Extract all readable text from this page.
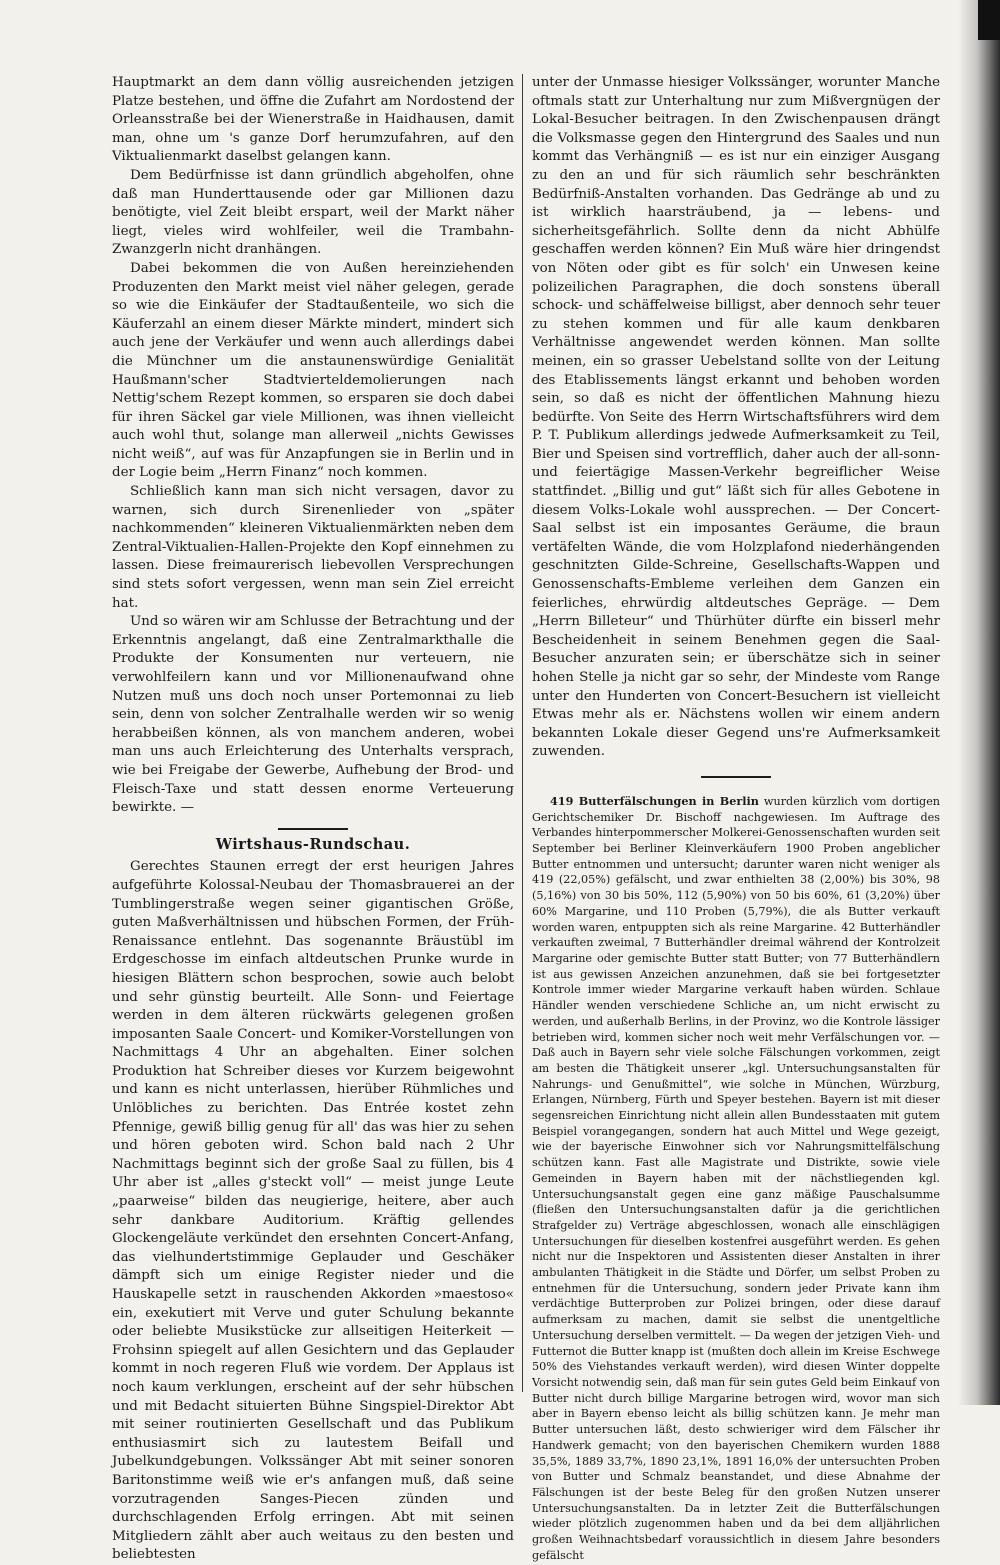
Hauptmarkt an dem dann völlig ausreichenden jetzigen Platze bestehen, und öffne die Zufahrt am Nordostend der Orleansstraße bei der Wienerstraße in Haidhausen, damit man, ohne um 's ganze Dorf herumzufahren, auf den Viktualienmarkt daselbst gelangen kann.

Dem Bedürfnisse ist dann gründlich abgeholfen, ohne daß man Hunderttausende oder gar Millionen dazu benötigte, viel Zeit bleibt erspart, weil der Markt näher liegt, vieles wird wohlfeiler, weil die Trambahn-Zwanzgerln nicht dranhängen.

Dabei bekommen die von Außen hereinziehenden Produzenten den Markt meist viel näher gelegen, gerade so wie die Einkäufer der Stadtaußenteile, wo sich die Käuferzahl an einem dieser Märkte mindert, mindert sich auch jene der Verkäufer und wenn auch allerdings dabei die Münchner um die anstaunenswürdige Genialität Haußmann'scher Stadtvierteldemolierungen nach Nettig'schem Rezept kommen, so ersparen sie doch dabei für ihren Säckel gar viele Millionen, was ihnen vielleicht auch wohl thut, solange man allerweil „nichts Gewisses nicht weiß“, auf was für Anzapfungen sie in Berlin und in der Logie beim „Herrn Finanz“ noch kommen.

Schließlich kann man sich nicht versagen, davor zu warnen, sich durch Sirenenlieder von „später nachkommenden“ kleineren Viktualienmärkten neben dem Zentral-Viktualien-Hallen-Projekte den Kopf einnehmen zu lassen. Diese freimaurerisch liebevollen Versprechungen sind stets sofort vergessen, wenn man sein Ziel erreicht hat.

Und so wären wir am Schlusse der Betrachtung und der Erkenntnis angelangt, daß eine Zentralmarkthalle die Produkte der Konsumenten nur verteuern, nie verwohlfeilern kann und vor Millionenaufwand ohne Nutzen muß uns doch noch unser Portemonnai zu lieb sein, denn von solcher Zentralhalle werden wir so wenig herabbeißen können, als von manchem anderen, wobei man uns auch Erleichterung des Unterhalts versprach, wie bei Freigabe der Gewerbe, Aufhebung der Brod- und Fleisch-Taxe und statt dessen enorme Verteuerung bewirkte. —

Wirtshaus-Rundschau.

Gerechtes Staunen erregt der erst heurigen Jahres aufgeführte Kolossal-Neubau der Thomasbrauerei an der Tumblingerstraße wegen seiner gigantischen Größe, guten Maßverhältnissen und hübschen Formen, der Früh-Renaissance entlehnt. Das sogenannte Bräustübl im Erdgeschosse im einfach altdeutschen Prunke wurde in hiesigen Blättern schon besprochen, sowie auch belobt und sehr günstig beurteilt. Alle Sonn- und Feiertage werden in dem älteren rückwärts gelegenen großen imposanten Saale Concert- und Komiker-Vorstellungen von Nachmittags 4 Uhr an abgehalten. Einer solchen Produktion hat Schreiber dieses vor Kurzem beigewohnt und kann es nicht unterlassen, hierüber Rühmliches und Unlöbliches zu berichten. Das Entrée kostet zehn Pfennige, gewiß billig genug für all' das was hier zu sehen und hören geboten wird. Schon bald nach 2 Uhr Nachmittags beginnt sich der große Saal zu füllen, bis 4 Uhr aber ist „alles g'steckt voll“ — meist junge Leute „paarweise“ bilden das neugierige, heitere, aber auch sehr dankbare Auditorium. Kräftig gellendes Glockengeläute verkündet den ersehnten Concert-Anfang, das vielhundertstimmige Geplauder und Geschäker dämpft sich um einige Register nieder und die Hauskapelle setzt in rauschenden Akkorden »maestoso« ein, exekutiert mit Verve und guter Schulung bekannte oder beliebte Musikstücke zur allseitigen Heiterkeit — Frohsinn spiegelt auf allen Gesichtern und das Geplauder kommt in noch regeren Fluß wie vordem. Der Applaus ist noch kaum verklungen, erscheint auf der sehr hübschen und mit Bedacht situierten Bühne Singspiel-Direktor Abt mit seiner routinierten Gesellschaft und das Publikum enthusiasmirt sich zu lautestem Beifall und Jubelkundgebungen. Volkssänger Abt mit seiner sonoren Baritonstimme weiß wie er's anfangen muß, daß seine vorzutragenden Sanges-Piecen zünden und durchschlagenden Erfolg erringen. Abt mit seinen Mitgliedern zählt aber auch weitaus zu den besten und beliebtesten

unter der Unmasse hiesiger Volkssänger, worunter Manche oftmals statt zur Unterhaltung nur zum Mißvergnügen der Lokal-Besucher beitragen. In den Zwischenpausen drängt die Volksmasse gegen den Hintergrund des Saales und nun kommt das Verhängniß — es ist nur ein einziger Ausgang zu den an und für sich räumlich sehr beschränkten Bedürfniß-Anstalten vorhanden. Das Gedränge ab und zu ist wirklich haarsträubend, ja — lebens- und sicherheitsgefährlich. Sollte denn da nicht Abhülfe geschaffen werden können? Ein Muß wäre hier dringendst von Nöten oder gibt es für solch' ein Unwesen keine polizeilichen Paragraphen, die doch sonstens überall schock- und schäffelweise billigst, aber dennoch sehr teuer zu stehen kommen und für alle kaum denkbaren Verhältnisse angewendet werden können. Man sollte meinen, ein so grasser Uebelstand sollte von der Leitung des Etablissements längst erkannt und behoben worden sein, so daß es nicht der öffentlichen Mahnung hiezu bedürfte. Von Seite des Herrn Wirtschaftsführers wird dem P. T. Publikum allerdings jedwede Aufmerksamkeit zu Teil, Bier und Speisen sind vortrefflich, daher auch der all-sonn- und feiertägige Massen-Verkehr begreiflicher Weise stattfindet. „Billig und gut“ läßt sich für alles Gebotene in diesem Volks-Lokale wohl aussprechen. — Der Concert-Saal selbst ist ein imposantes Geräume, die braun vertäfelten Wände, die vom Holzplafond niederhängenden geschnitzten Gilde-Schreine, Gesellschafts-Wappen und Genossenschafts-Embleme verleihen dem Ganzen ein feierliches, ehrwürdig altdeutsches Gepräge. — Dem „Herrn Billeteur“ und Thürhüter dürfte ein bisserl mehr Bescheidenheit in seinem Benehmen gegen die Saal-Besucher anzuraten sein; er überschätze sich in seiner hohen Stelle ja nicht gar so sehr, der Mindeste vom Range unter den Hunderten von Concert-Besuchern ist vielleicht Etwas mehr als er. Nächstens wollen wir einem andern bekannten Lokale dieser Gegend uns're Aufmerksamkeit zuwenden.

419 Butterfälschungen in Berlin wurden kürzlich vom dortigen Gerichtschemiker Dr. Bischoff nachgewiesen. Im Auftrage des Verbandes hinterpommerscher Molkerei-Genossenschaften wurden seit September bei Berliner Kleinverkäufern 1900 Proben angeblicher Butter entnommen und untersucht; darunter waren nicht weniger als 419 (22,05%) gefälscht, und zwar enthielten 38 (2,00%) bis 30%, 98 (5,16%) von 30 bis 50%, 112 (5,90%) von 50 bis 60%, 61 (3,20%) über 60% Margarine, und 110 Proben (5,79%), die als Butter verkauft worden waren, entpuppten sich als reine Margarine. 42 Butterhändler verkauften zweimal, 7 Butterhändler dreimal während der Kontrolzeit Margarine oder gemischte Butter statt Butter; von 77 Butterhändlern ist aus gewissen Anzeichen anzunehmen, daß sie bei fortgesetzter Kontrole immer wieder Margarine verkauft haben würden. Schlaue Händler wenden verschiedene Schliche an, um nicht erwischt zu werden, und außerhalb Berlins, in der Provinz, wo die Kontrole lässiger betrieben wird, kommen sicher noch weit mehr Verfälschungen vor. — Daß auch in Bayern sehr viele solche Fälschungen vorkommen, zeigt am besten die Thätigkeit unserer „kgl. Untersuchungsanstalten für Nahrungs- und Genußmittel“, wie solche in München, Würzburg, Erlangen, Nürnberg, Fürth und Speyer bestehen. Bayern ist mit dieser segensreichen Einrichtung nicht allein allen Bundesstaaten mit gutem Beispiel vorangegangen, sondern hat auch Mittel und Wege gezeigt, wie der bayerische Einwohner sich vor Nahrungsmittelfälschung schützen kann. Fast alle Magistrate und Distrikte, sowie viele Gemeinden in Bayern haben mit der nächstliegenden kgl. Untersuchungsanstalt gegen eine ganz mäßige Pauschalsumme (fließen den Untersuchungsanstalten dafür ja die gerichtlichen Strafgelder zu) Verträge abgeschlossen, wonach alle einschlägigen Untersuchungen für dieselben kostenfrei ausgeführt werden. Es gehen nicht nur die Inspektoren und Assistenten dieser Anstalten in ihrer ambulanten Thätigkeit in die Städte und Dörfer, um selbst Proben zu entnehmen für die Untersuchung, sondern jeder Private kann ihm verdächtige Butterproben zur Polizei bringen, oder diese darauf aufmerksam zu machen, damit sie selbst die unentgeltliche Untersuchung derselben vermittelt. — Da wegen der jetzigen Vieh- und Futternot die Butter knapp ist (mußten doch allein im Kreise Eschwege 50% des Viehstandes verkauft werden), wird diesen Winter doppelte Vorsicht notwendig sein, daß man für sein gutes Geld beim Einkauf von Butter nicht durch billige Margarine betrogen wird, wovor man sich aber in Bayern ebenso leicht als billig schützen kann. Je mehr man Butter untersuchen läßt, desto schwieriger wird dem Fälscher ihr Handwerk gemacht; von den bayerischen Chemikern wurden 1888 35,5%, 1889 33,7%, 1890 23,1%, 1891 16,0% der untersuchten Proben von Butter und Schmalz beanstandet, und diese Abnahme der Fälschungen ist der beste Beleg für den großen Nutzen unserer Untersuchungsanstalten. Da in letzter Zeit die Butterfälschungen wieder plötzlich zugenommen haben und da bei dem alljährlichen großen Weihnachtsbedarf voraussichtlich in diesem Jahre besonders gefälscht
